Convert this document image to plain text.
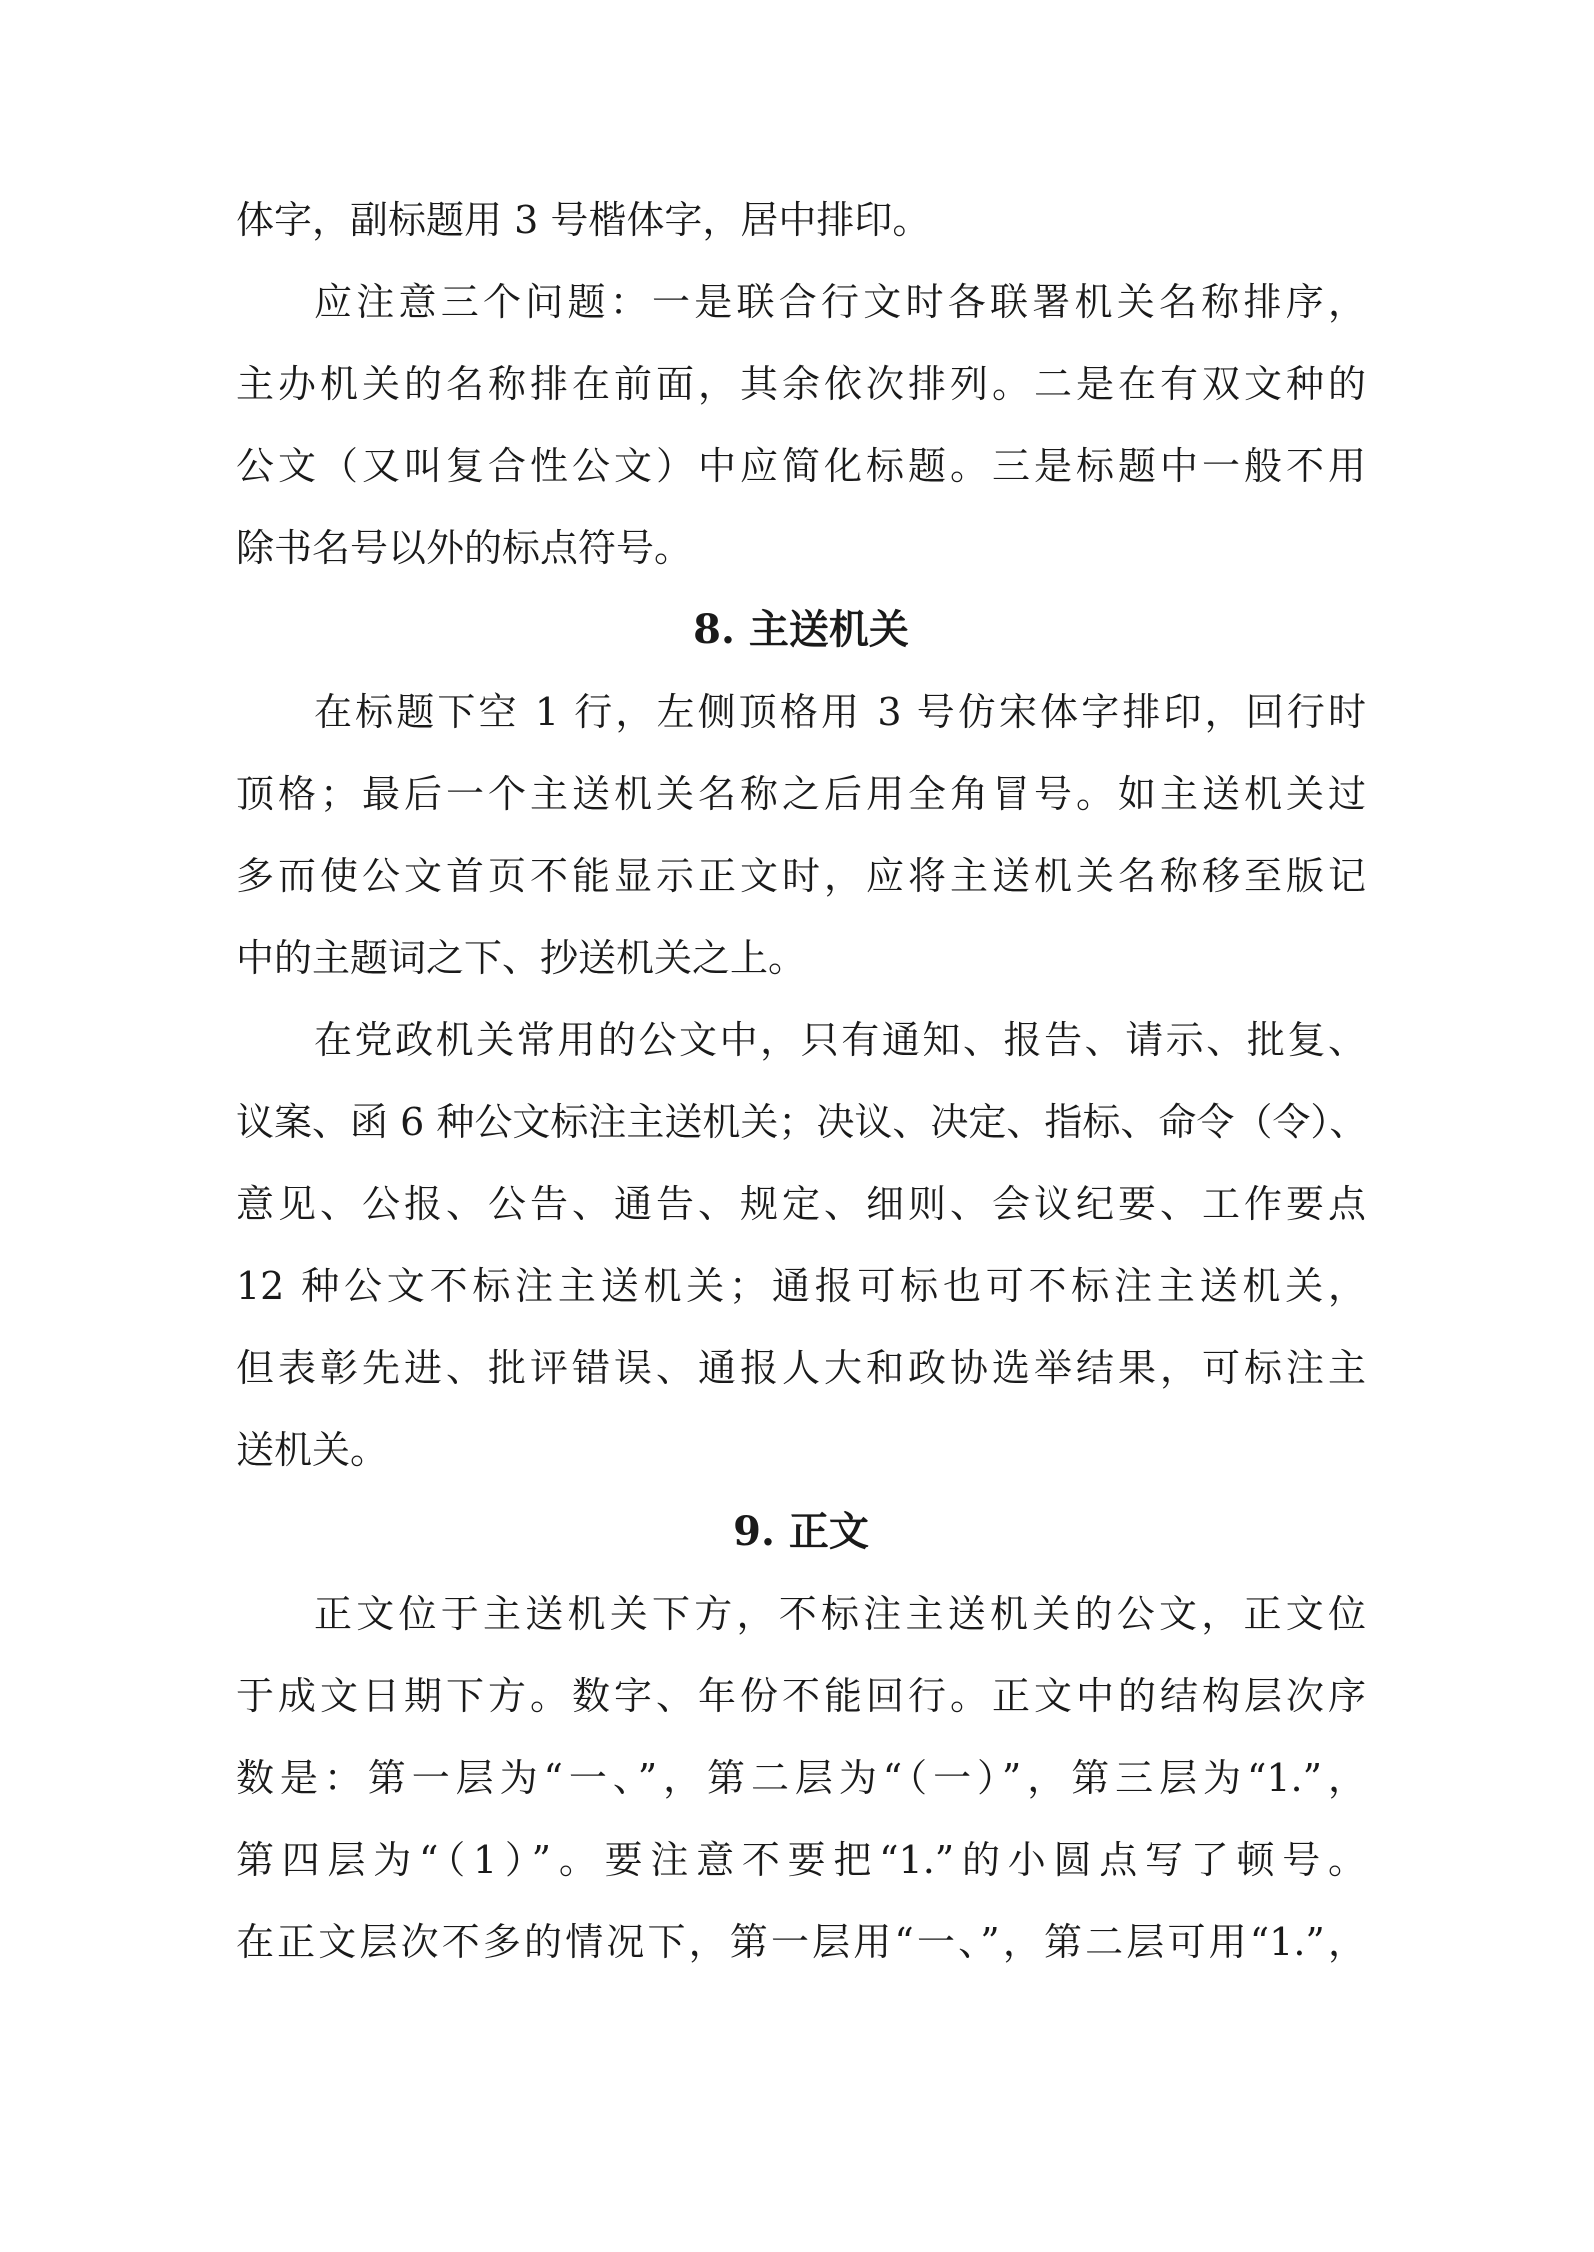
体字，副标题用 3 号楷体字，居中排印。
应注意三个问题：一是联合行文时各联署机关名称排序，
主办机关的名称排在前面，其余依次排列。二是在有双文种的
公文（又叫复合性公文）中应简化标题。三是标题中一般不用
除书名号以外的标点符号。
8. 主送机关
在标题下空 1 行，左侧顶格用 3 号仿宋体字排印，回行时
顶格；最后一个主送机关名称之后用全角冒号。如主送机关过
多而使公文首页不能显示正文时，应将主送机关名称移至版记
中的主题词之下、抄送机关之上。
在党政机关常用的公文中，只有通知、报告、请示、批复、
议案、函 6 种公文标注主送机关；决议、决定、指标、命令（令）、
意见、公报、公告、通告、规定、细则、会议纪要、工作要点
12 种公文不标注主送机关；通报可标也可不标注主送机关，
但表彰先进、批评错误、通报人大和政协选举结果，可标注主
送机关。
9. 正文
正文位于主送机关下方，不标注主送机关的公文，正文位
于成文日期下方。数字、年份不能回行。正文中的结构层次序
数是：第一层为“一、”，第二层为“（一）”，第三层为“1.”，
第四层为“（1）”。要注意不要把“1.”的小圆点写了顿号。
在正文层次不多的情况下，第一层用“一、”，第二层可用“1.”，
